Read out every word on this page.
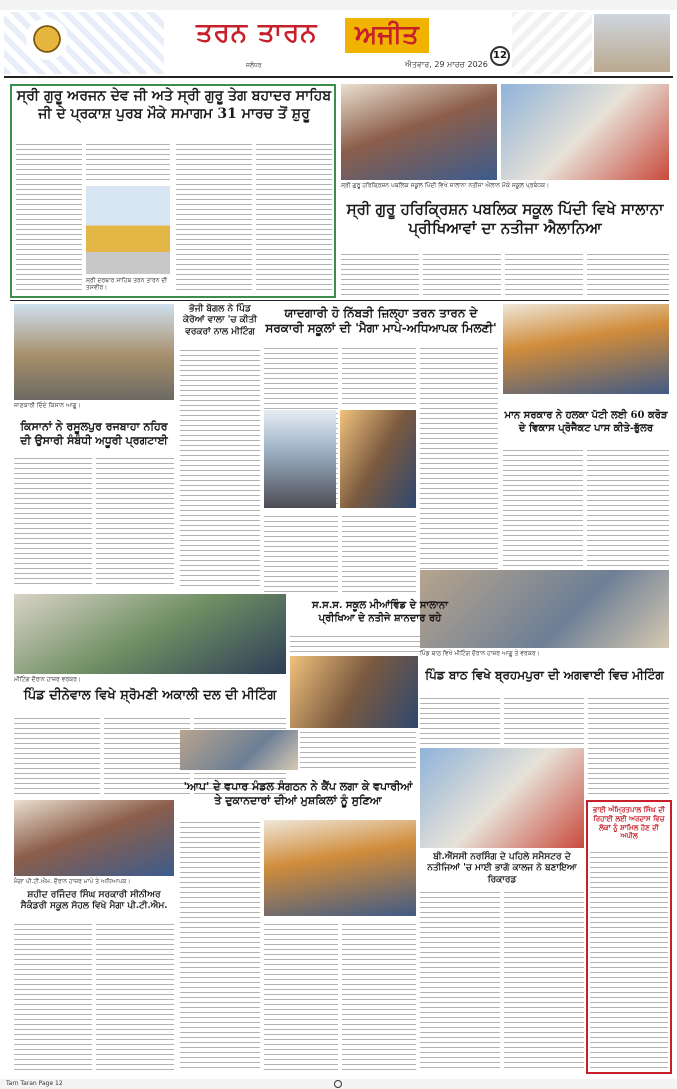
ਤਰਨ ਤਾਰਨ	ਅਜੀਤ
ਜਲੰਧਰ	ਐਤਵਾਰ, 29 ਮਾਰਚ 2026
12
ਸ੍ਰੀ ਗੁਰੂ ਅਰਜਨ ਦੇਵ ਜੀ ਅਤੇ ਸ੍ਰੀ ਗੁਰੂ ਤੇਗ ਬਹਾਦਰ ਸਾਹਿਬ ਜੀ ਦੇ ਪ੍ਰਕਾਸ਼ ਪੁਰਬ ਮੌਕੇ ਸਮਾਗਮ 31 ਮਾਰਚ ਤੋਂ ਸ਼ੁਰੂ
ਸ੍ਰੀ ਦਰਬਾਰ ਸਾਹਿਬ ਤਰਨ ਤਾਰਨ ਦੀ ਤਸਵੀਰ।
ਸ੍ਰੀ ਗੁਰੂ ਹਰਿਕ੍ਰਿਸ਼ਨ ਪਬਲਿਕ ਸਕੂਲ ਪਿੱਦੀ ਵਿਖੇ ਸਾਲਾਨਾ ਨਤੀਜਾ ਐਲਾਨ ਮੌਕੇ ਸਕੂਲ ਪ੍ਰਬੰਧਕ।
ਸ੍ਰੀ ਗੁਰੂ ਹਰਿਕ੍ਰਿਸ਼ਨ ਪਬਲਿਕ ਸਕੂਲ ਪਿੱਦੀ ਵਿਖੇ ਸਾਲਾਨਾ ਪ੍ਰੀਖਿਆਵਾਂ ਦਾ ਨਤੀਜਾ ਐਲਾਨਿਆ
ਜਾਣਕਾਰੀ ਦਿੰਦੇ ਕਿਸਾਨ ਆਗੂ।
ਕਿਸਾਨਾਂ ਨੇ ਰਸੂਲਪੁਰ ਰਜਬਾਹਾ ਨਹਿਰ ਦੀ ਉਸਾਰੀ ਸੰਬੰਧੀ ਅਧੂਰੀ ਪ੍ਰਗਟਾਈ
ਭੋਜੀ ਬੋਗਲ ਨੇ ਪਿੰਡ ਕੇਰੋਆਂ ਵਾਲਾ 'ਚ ਕੀਤੀ ਵਰਕਰਾਂ ਨਾਲ ਮੀਟਿੰਗ
ਯਾਦਗਾਰੀ ਹੋ ਨਿੱਬੜੀ ਜ਼ਿਲ੍ਹਾ ਤਰਨ ਤਾਰਨ ਦੇ ਸਰਕਾਰੀ ਸਕੂਲਾਂ ਦੀ 'ਮੈਗਾ ਮਾਪੇ-ਅਧਿਆਪਕ ਮਿਲਣੀ'
ਮਾਨ ਸਰਕਾਰ ਨੇ ਹਲਕਾ ਪੱਟੀ ਲਈ 60 ਕਰੋੜ ਦੇ ਵਿਕਾਸ ਪ੍ਰੋਜੈਕਟ ਪਾਸ ਕੀਤੇ-ਭੁੱਲਰ
ਸ.ਸ.ਸ. ਸਕੂਲ ਮੀਆਂਵਿੰਡ ਦੇ ਸਾਲਾਨਾ ਪ੍ਰੀਖਿਆ ਦੇ ਨਤੀਜੇ ਸ਼ਾਨਦਾਰ ਰਹੇ
ਮੀਟਿੰਗ ਦੌਰਾਨ ਹਾਜ਼ਰ ਵਰਕਰ।
ਪਿੰਡ ਦੀਨੇਵਾਲ ਵਿਖੇ ਸ਼੍ਰੋਮਣੀ ਅਕਾਲੀ ਦਲ ਦੀ ਮੀਟਿੰਗ
ਪਿੰਡ ਬਾਠ ਵਿਖੇ ਮੀਟਿੰਗ ਦੌਰਾਨ ਹਾਜ਼ਰ ਆਗੂ ਤੇ ਵਰਕਰ।
ਪਿੰਡ ਬਾਠ ਵਿਖੇ ਬ੍ਰਹਮਪੁਰਾ ਦੀ ਅਗਵਾਈ ਵਿਚ ਮੀਟਿੰਗ
'ਆਪ' ਦੇ ਵਪਾਰ ਮੰਡਲ ਸੰਗਠਨ ਨੇ ਕੈਂਪ ਲਗਾ ਕੇ ਵਪਾਰੀਆਂ ਤੇ ਦੁਕਾਨਦਾਰਾਂ ਦੀਆਂ ਮੁਸ਼ਕਿਲਾਂ ਨੂੰ ਸੁਣਿਆ
ਮੈਗਾ ਪੀ.ਟੀ.ਐਮ. ਦੌਰਾਨ ਹਾਜ਼ਰ ਮਾਪੇ ਤੇ ਅਧਿਆਪਕ।
ਸ਼ਹੀਦ ਰਜਿੰਦਰ ਸਿੰਘ ਸਰਕਾਰੀ ਸੀਨੀਅਰ ਸੈਕੰਡਰੀ ਸਕੂਲ ਸੋਹਲ ਵਿਖੇ ਮੈਗਾ ਪੀ.ਟੀ.ਐਮ.
ਬੀ.ਐੱਸਸੀ ਨਰਸਿੰਗ ਦੇ ਪਹਿਲੇ ਸਮੈਸਟਰ ਦੇ ਨਤੀਜਿਆਂ 'ਚ ਮਾਈ ਭਾਗੋ ਕਾਲਜ ਨੇ ਬਣਾਇਆ ਰਿਕਾਰਡ
ਭਾਈ ਅੰਮ੍ਰਿਤਪਾਲ ਸਿੰਘ ਦੀ ਰਿਹਾਈ ਲਈ ਅਰਦਾਸ ਵਿਚ ਲੋਕਾਂ ਨੂੰ ਸ਼ਾਮਿਲ ਹੋਣ ਦੀ ਅਪੀਲ
Tarn Taran Page 12
